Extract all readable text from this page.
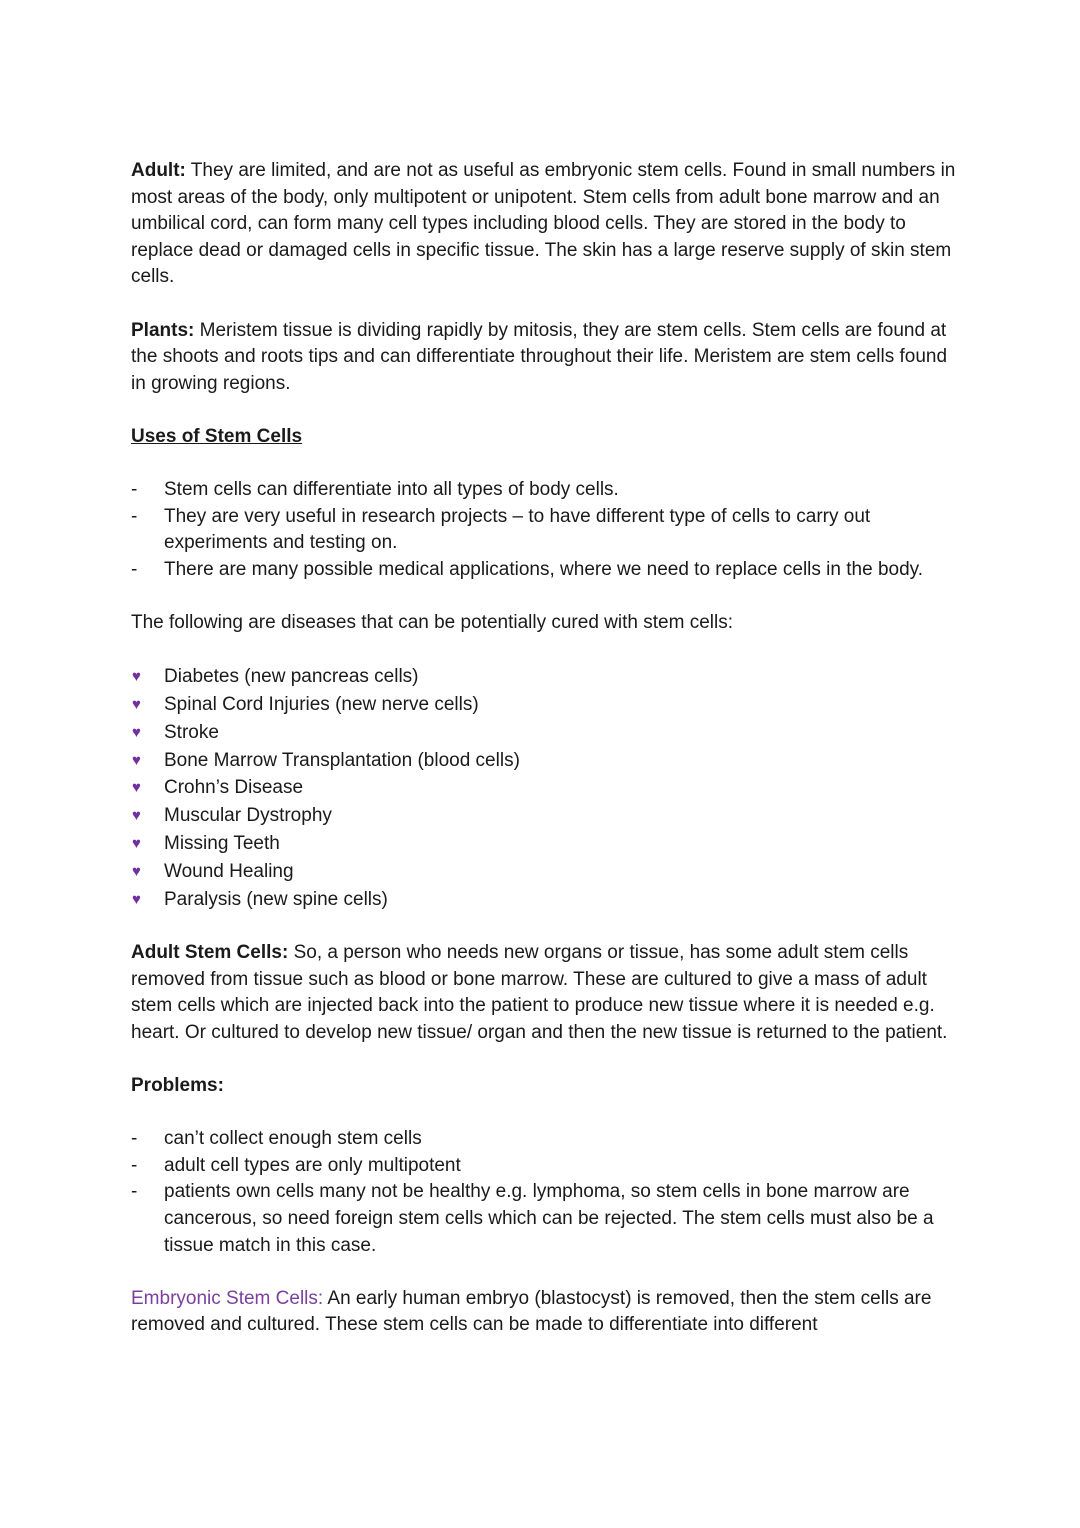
Adult: They are limited, and are not as useful as embryonic stem cells. Found in small numbers in most areas of the body, only multipotent or unipotent. Stem cells from adult bone marrow and an umbilical cord, can form many cell types including blood cells. They are stored in the body to replace dead or damaged cells in specific tissue. The skin has a large reserve supply of skin stem cells.

Plants: Meristem tissue is dividing rapidly by mitosis, they are stem cells. Stem cells are found at the shoots and roots tips and can differentiate throughout their life. Meristem are stem cells found in growing regions.

Uses of Stem Cells

-	Stem cells can differentiate into all types of body cells.
-	They are very useful in research projects – to have different type of cells to carry out experiments and testing on.
-	There are many possible medical applications, where we need to replace cells in the body.

The following are diseases that can be potentially cured with stem cells:

♥ Diabetes (new pancreas cells)
♥ Spinal Cord Injuries (new nerve cells)
♥ Stroke
♥ Bone Marrow Transplantation (blood cells)
♥ Crohn’s Disease
♥ Muscular Dystrophy
♥ Missing Teeth
♥ Wound Healing
♥ Paralysis (new spine cells)

Adult Stem Cells: So, a person who needs new organs or tissue, has some adult stem cells removed from tissue such as blood or bone marrow. These are cultured to give a mass of adult stem cells which are injected back into the patient to produce new tissue where it is needed e.g. heart. Or cultured to develop new tissue/ organ and then the new tissue is returned to the patient.

Problems:

-	can’t collect enough stem cells
-	adult cell types are only multipotent
-	patients own cells many not be healthy e.g. lymphoma, so stem cells in bone marrow are cancerous, so need foreign stem cells which can be rejected. The stem cells must also be a tissue match in this case.

Embryonic Stem Cells: An early human embryo (blastocyst) is removed, then the stem cells are removed and cultured. These stem cells can be made to differentiate into different
